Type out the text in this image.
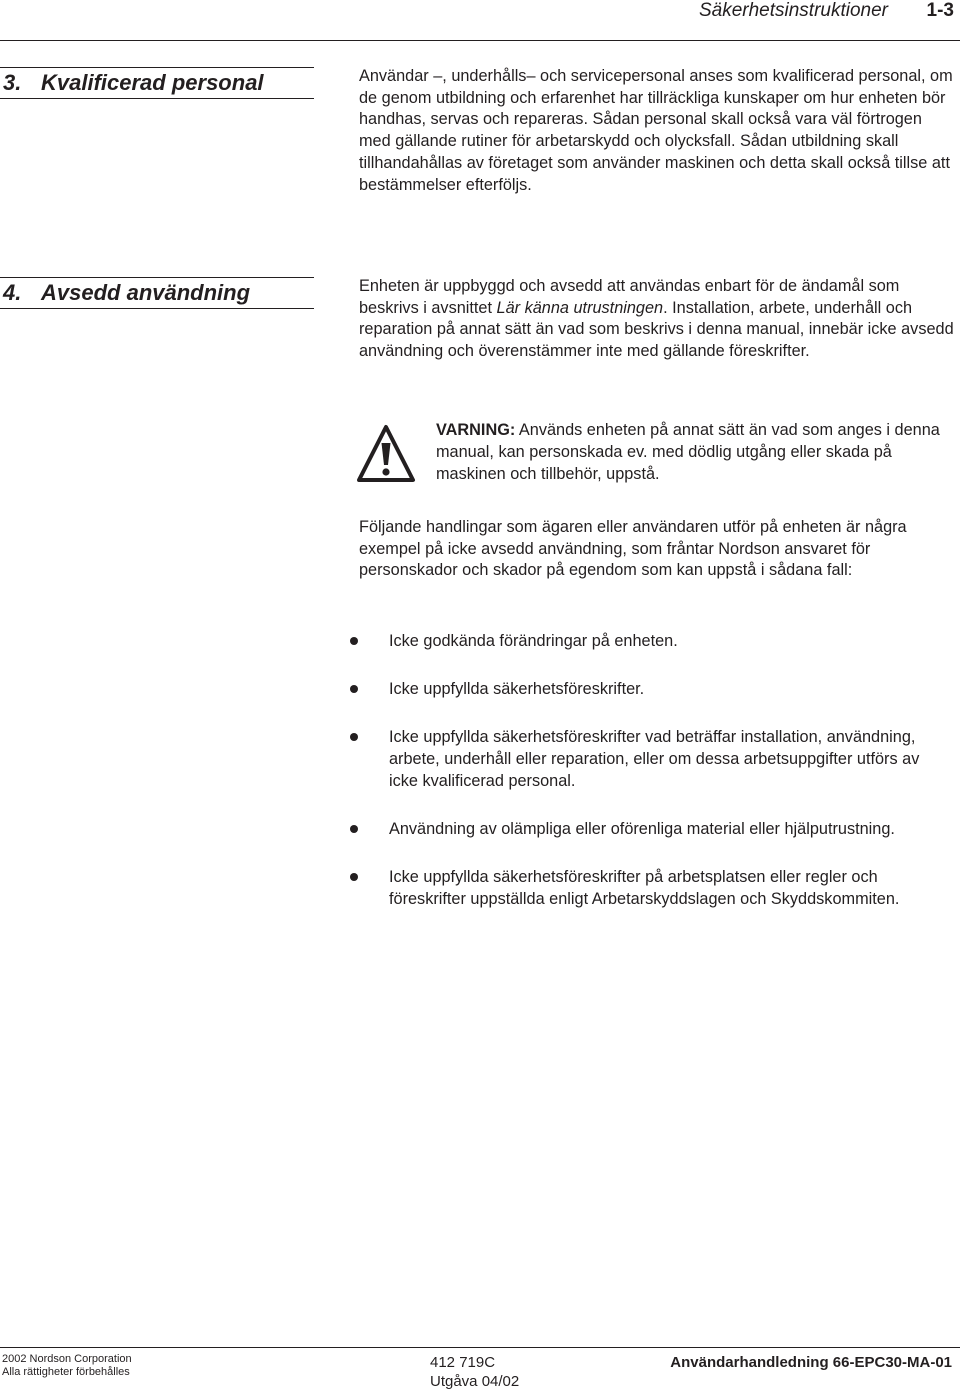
Säkerhetsinstruktioner 1-3
3. Kvalificerad personal	Användar –, underhålls– och servicepersonal anses som kvalificerad personal, om de genom utbildning och erfarenhet har tillräckliga kunskaper om hur enheten bör handhas, servas och repareras. Sådan personal skall också vara väl förtrogen med gällande rutiner för arbetarskydd och olycksfall. Sådan utbildning skall tillhandahållas av företaget som använder maskinen och detta skall också tillse att bestämmelser efterföljs.

4. Avsedd användning	Enheten är uppbyggd och avsedd att användas enbart för de ändamål som beskrivs i avsnittet Lär känna utrustningen. Installation, arbete, underhåll och reparation på annat sätt än vad som beskrivs i denna manual, innebär icke avsedd användning och överenstämmer inte med gällande föreskrifter.

VARNING: Används enheten på annat sätt än vad som anges i denna manual, kan personskada ev. med dödlig utgång eller skada på maskinen och tillbehör, uppstå.

Följande handlingar som ägaren eller användaren utför på enheten är några exempel på icke avsedd användning, som fråntar Nordson ansvaret för personskador och skador på egendom som kan uppstå i sådana fall:

Icke godkända förändringar på enheten.
Icke uppfyllda säkerhetsföreskrifter.
Icke uppfyllda säkerhetsföreskrifter vad beträffar installation, användning, arbete, underhåll eller reparation, eller om dessa arbetsuppgifter utförs av icke kvalificerad personal.
Användning av olämpliga eller oförenliga material eller hjälputrustning.
Icke uppfyllda säkerhetsföreskrifter på arbetsplatsen eller regler och föreskrifter uppställda enligt Arbetarskyddslagen och Skyddskommiten.
2002 Nordson Corporation
Alla rättigheter förbehålles
412 719C
Utgåva 04/02
Användarhandledning 66-EPC30-MA-01
